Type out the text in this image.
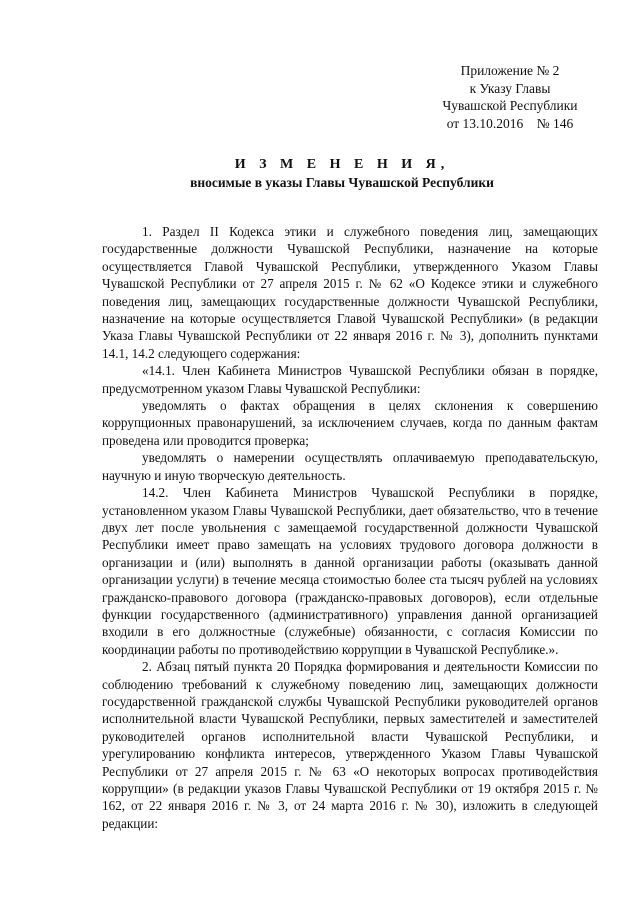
Приложение № 2
к Указу Главы
Чувашской Республики
от 13.10.2016    № 146
И З М Е Н Е Н И Я,
вносимые в указы Главы Чувашской Республики

1. Раздел II Кодекса этики и служебного поведения лиц, замещающих государственные должности Чувашской Республики, назначение на которые осуществляется Главой Чувашской Республики, утвержденного Указом Главы Чувашской Республики от 27 апреля 2015 г. № 62 «О Кодексе этики и служебного поведения лиц, замещающих государственные должности Чувашской Республики, назначение на которые осуществляется Главой Чувашской Республики» (в редакции Указа Главы Чувашской Республики от 22 января 2016 г. № 3), дополнить пунктами 14.1, 14.2 следующего содержания:

«14.1. Член Кабинета Министров Чувашской Республики обязан в порядке, предусмотренном указом Главы Чувашской Республики:

уведомлять о фактах обращения в целях склонения к совершению коррупционных правонарушений, за исключением случаев, когда по данным фактам проведена или проводится проверка;

уведомлять о намерении осуществлять оплачиваемую преподавательскую, научную и иную творческую деятельность.

14.2. Член Кабинета Министров Чувашской Республики в порядке, установленном указом Главы Чувашской Республики, дает обязательство, что в течение двух лет после увольнения с замещаемой государственной должности Чувашской Республики имеет право замещать на условиях трудового договора должности в организации и (или) выполнять в данной организации работы (оказывать данной организации услуги) в течение месяца стоимостью более ста тысяч рублей на условиях гражданско-правового договора (гражданско-правовых договоров), если отдельные функции государственного (административного) управления данной организацией входили в его должностные (служебные) обязанности, с согласия Комиссии по координации работы по противодействию коррупции в Чувашской Республике.».

2. Абзац пятый пункта 20 Порядка формирования и деятельности Комиссии по соблюдению требований к служебному поведению лиц, замещающих должности государственной гражданской службы Чувашской Республики руководителей органов исполнительной власти Чувашской Республики, первых заместителей и заместителей руководителей органов исполнительной власти Чувашской Республики, и урегулированию конфликта интересов, утвержденного Указом Главы Чувашской Республики от 27 апреля 2015 г. № 63 «О некоторых вопросах противодействия коррупции» (в редакции указов Главы Чувашской Республики от 19 октября 2015 г. № 162, от 22 января 2016 г. № 3, от 24 марта 2016 г. № 30), изложить в следующей редакции:
